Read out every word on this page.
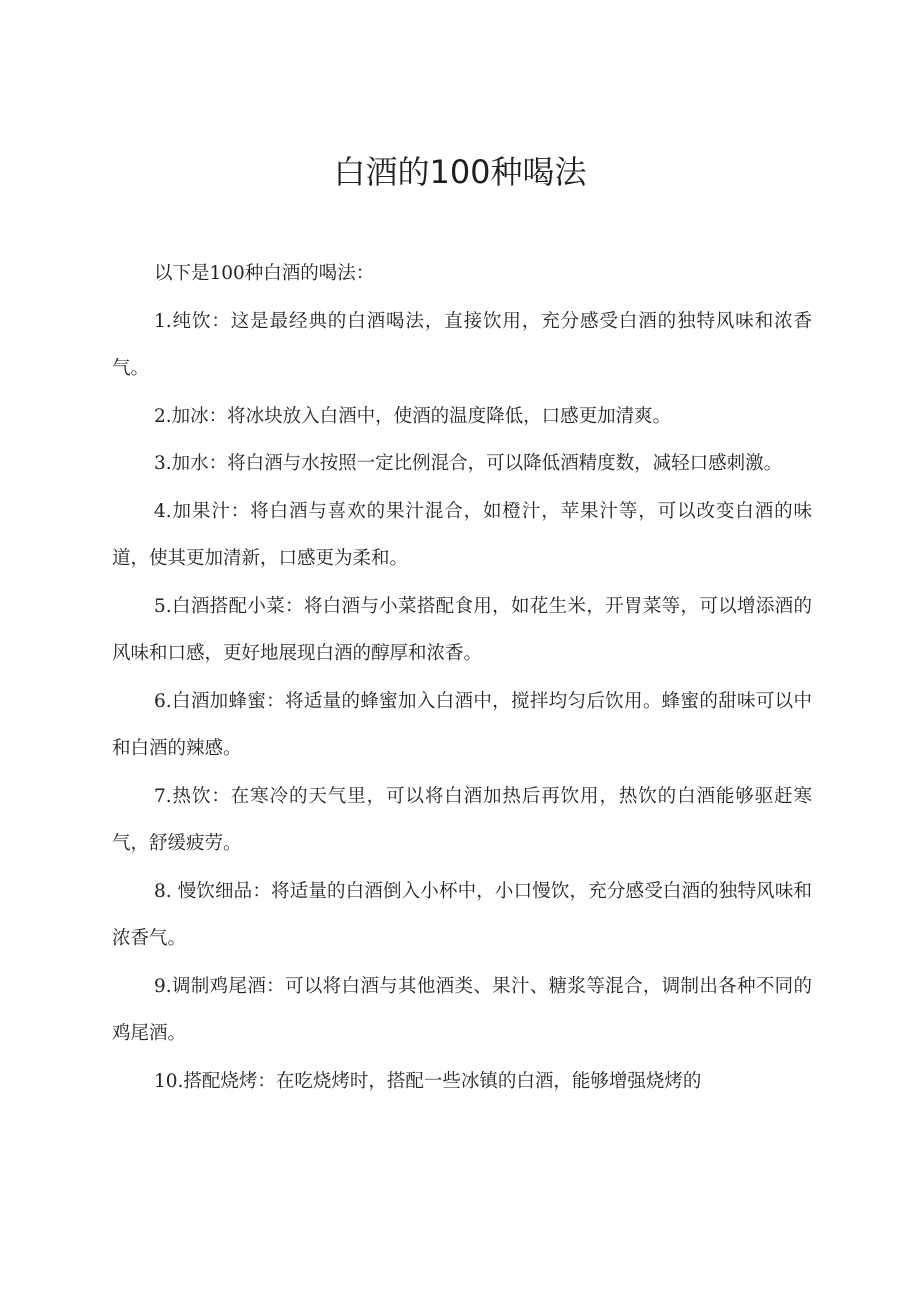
白酒的100种喝法

以下是100种白酒的喝法：

1.纯饮：这是最经典的白酒喝法，直接饮用，充分感受白酒的独特风味和浓香气。

2.加冰：将冰块放入白酒中，使酒的温度降低，口感更加清爽。

3.加水：将白酒与水按照一定比例混合，可以降低酒精度数，减轻口感刺激。

4.加果汁：将白酒与喜欢的果汁混合，如橙汁，苹果汁等，可以改变白酒的味道，使其更加清新，口感更为柔和。

5.白酒搭配小菜：将白酒与小菜搭配食用，如花生米，开胃菜等，可以增添酒的风味和口感，更好地展现白酒的醇厚和浓香。

6.白酒加蜂蜜：将适量的蜂蜜加入白酒中，搅拌均匀后饮用。蜂蜜的甜味可以中和白酒的辣感。

7.热饮：在寒冷的天气里，可以将白酒加热后再饮用，热饮的白酒能够驱赶寒气，舒缓疲劳。

8. 慢饮细品：将适量的白酒倒入小杯中，小口慢饮，充分感受白酒的独特风味和浓香气。

9.调制鸡尾酒：可以将白酒与其他酒类、果汁、糖浆等混合，调制出各种不同的鸡尾酒。

10.搭配烧烤：在吃烧烤时，搭配一些冰镇的白酒，能够增强烧烤的
